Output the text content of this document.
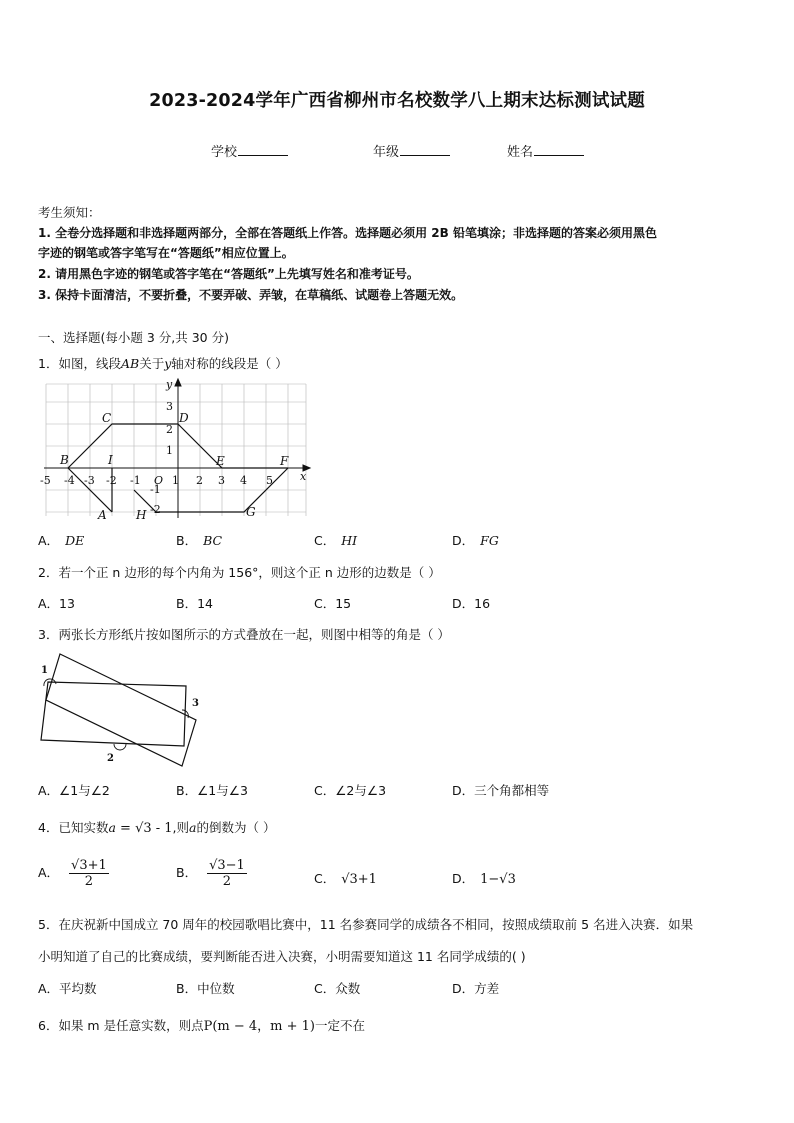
2023-2024学年广西省柳州市名校数学八上期末达标测试试题
学校	年级	姓名
考生须知：
1. 全卷分选择题和非选择题两部分，全部在答题纸上作答。选择题必须用 2B 铅笔填涂；非选择题的答案必须用黑色
字迹的钢笔或答字笔写在“答题纸”相应位置上。
2. 请用黑色字迹的钢笔或答字笔在“答题纸”上先填写姓名和准考证号。
3. 保持卡面清洁，不要折叠，不要弄破、弄皱，在草稿纸、试题卷上答题无效。
一、选择题(每小题 3 分,共 30 分)
1．如图，线段AB关于y轴对称的线段是（ ）
-5 -4 -3 -2 -1 O 1 2 3 4 5
3
2
1
-1
-2
x
y
A
B
C	D
E	F
G
H
I
A． DE	B． BC	C． HI	D． FG
2．若一个正 n 边形的每个内角为 156°，则这个正 n 边形的边数是（ ）
A．13	B．14	C．15	D．16
3．两张长方形纸片按如图所示的方式叠放在一起，则图中相等的角是（ ）
1
2
3
A．∠1与∠2	B．∠1与∠3	C．∠2与∠3	D．三个角都相等
4．已知实数a = √3 - 1,则a的倒数为（ ）
A． $\frac{√3+1}{2}$	B． $\frac{√3-1}{2}$	C． √3+1	D． 1−√3
5．在庆祝新中国成立 70 周年的校园歌唱比赛中，11 名参赛同学的成绩各不相同，按照成绩取前 5 名进入决赛．如果
小明知道了自己的比赛成绩，要判断能否进入决赛，小明需要知道这 11 名同学成绩的( )
A．平均数	B．中位数	C．众数	D．方差
6．如果 m 是任意实数，则点P(m − 4，m + 1)一定不在
